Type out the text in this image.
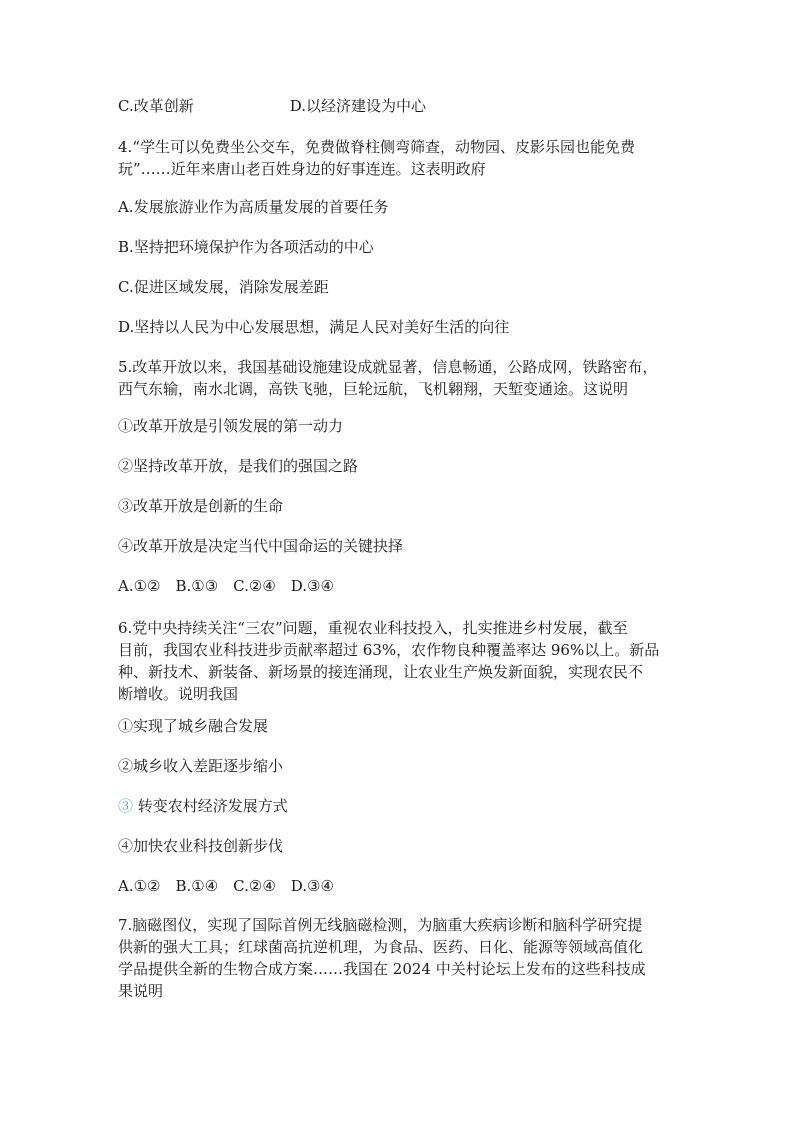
C.改革创新	D.以经济建设为中心
4.“学生可以免费坐公交车，免费做脊柱侧弯筛查，动物园、皮影乐园也能免费
玩”……近年来唐山老百姓身边的好事连连。这表明政府
A.发展旅游业作为高质量发展的首要任务
B.坚持把环境保护作为各项活动的中心
C.促进区域发展，消除发展差距
D.坚持以人民为中心发展思想，满足人民对美好生活的向往
5.改革开放以来，我国基础设施建设成就显著，信息畅通，公路成网，铁路密布，
西气东输，南水北调，高铁飞驰，巨轮远航，飞机翱翔，天堑变通途。这说明
①改革开放是引领发展的第一动力
②坚持改革开放，是我们的强国之路
③改革开放是创新的生命
④改革开放是决定当代中国命运的关键抉择
A.①②　B.①③　C.②④　D.③④
6.党中央持续关注“三农”问题，重视农业科技投入，扎实推进乡村发展，截至
目前，我国农业科技进步贡献率超过 63%，农作物良种覆盖率达 96%以上。新品
种、新技术、新装备、新场景的接连涌现，让农业生产焕发新面貌，实现农民不
断增收。说明我国
①实现了城乡融合发展
②城乡收入差距逐步缩小
③ 转变农村经济发展方式
④加快农业科技创新步伐
A.①②　B.①④　C.②④　D.③④
7.脑磁图仪，实现了国际首例无线脑磁检测，为脑重大疾病诊断和脑科学研究提
供新的强大工具；红球菌高抗逆机理，为食品、医药、日化、能源等领域高值化
学品提供全新的生物合成方案……我国在 2024 中关村论坛上发布的这些科技成
果说明
